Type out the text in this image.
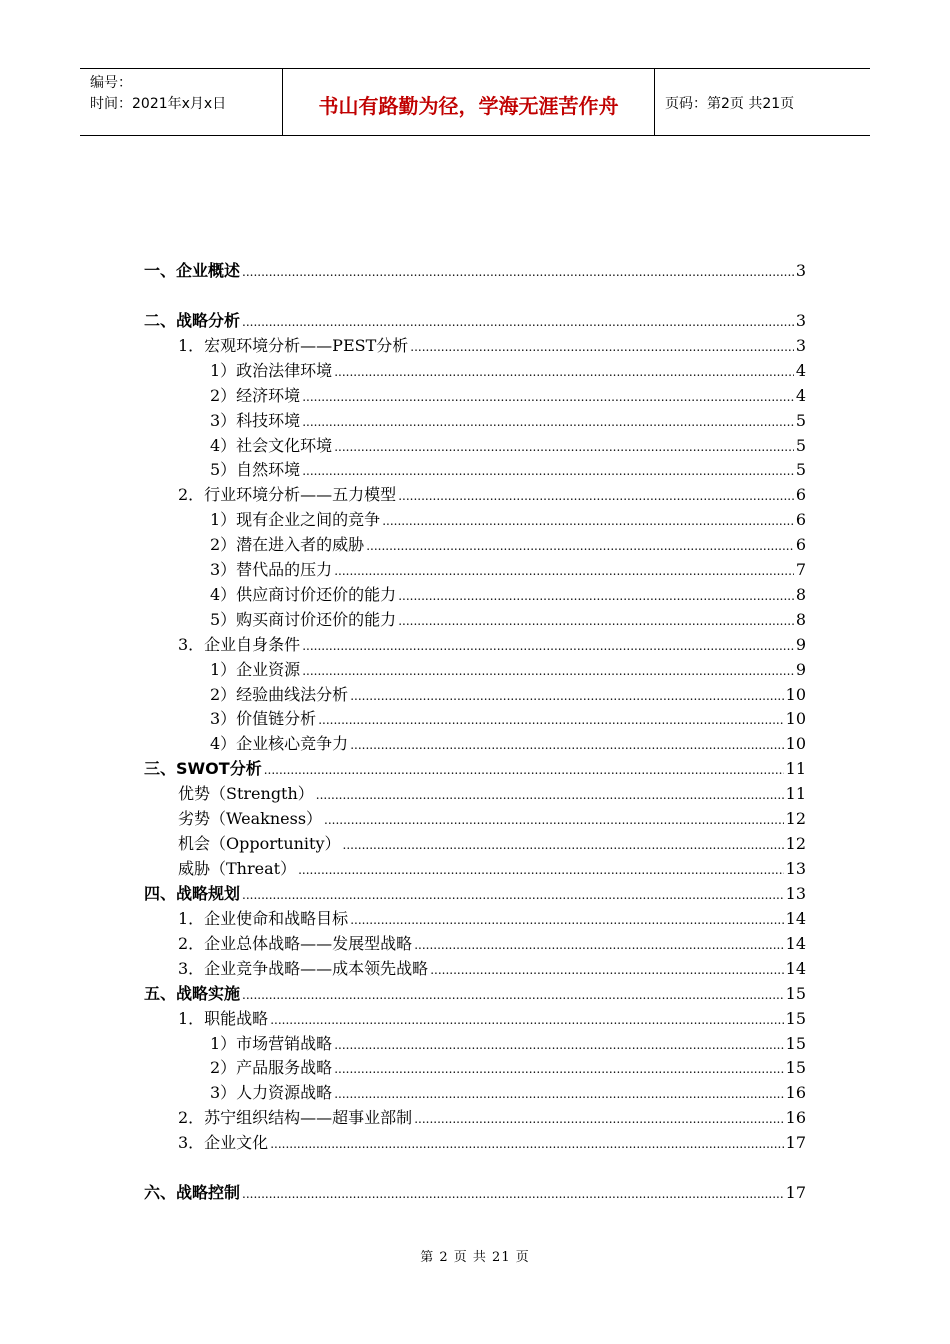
编号：
时间：2021年x月x日	书山有路勤为径，学海无涯苦作舟	页码：第2页 共21页
一、企业概述 .....	3
二、战略分析 .....	3
1．宏观环境分析——PEST分析 .....	3
1）政治法律环境 .....	4
2）经济环境 .....	4
3）科技环境 .....	5
4）社会文化环境 .....	5
5）自然环境 .....	5
2．行业环境分析——五力模型 .....	6
1）现有企业之间的竞争 .....	6
2）潜在进入者的威胁 .....	6
3）替代品的压力 .....	7
4）供应商讨价还价的能力 .....	8
5）购买商讨价还价的能力 .....	8
3．企业自身条件 .....	9
1）企业资源 .....	9
2）经验曲线法分析 .....	10
3）价值链分析 .....	10
4）企业核心竞争力 .....	10
三、SWOT分析 .....	11
优势（Strength） .....	11
劣势（Weakness） .....	12
机会（Opportunity） .....	12
威胁（Threat） .....	13
四、战略规划 .....	13
1．企业使命和战略目标 .....	14
2．企业总体战略——发展型战略 .....	14
3．企业竞争战略——成本领先战略 .....	14
五、战略实施 .....	15
1．职能战略 .....	15
1）市场营销战略 .....	15
2）产品服务战略 .....	15
3）人力资源战略 .....	16
2．苏宁组织结构——超事业部制 .....	16
3．企业文化 .....	17
六、战略控制 .....	17
第 2 页 共 21 页
